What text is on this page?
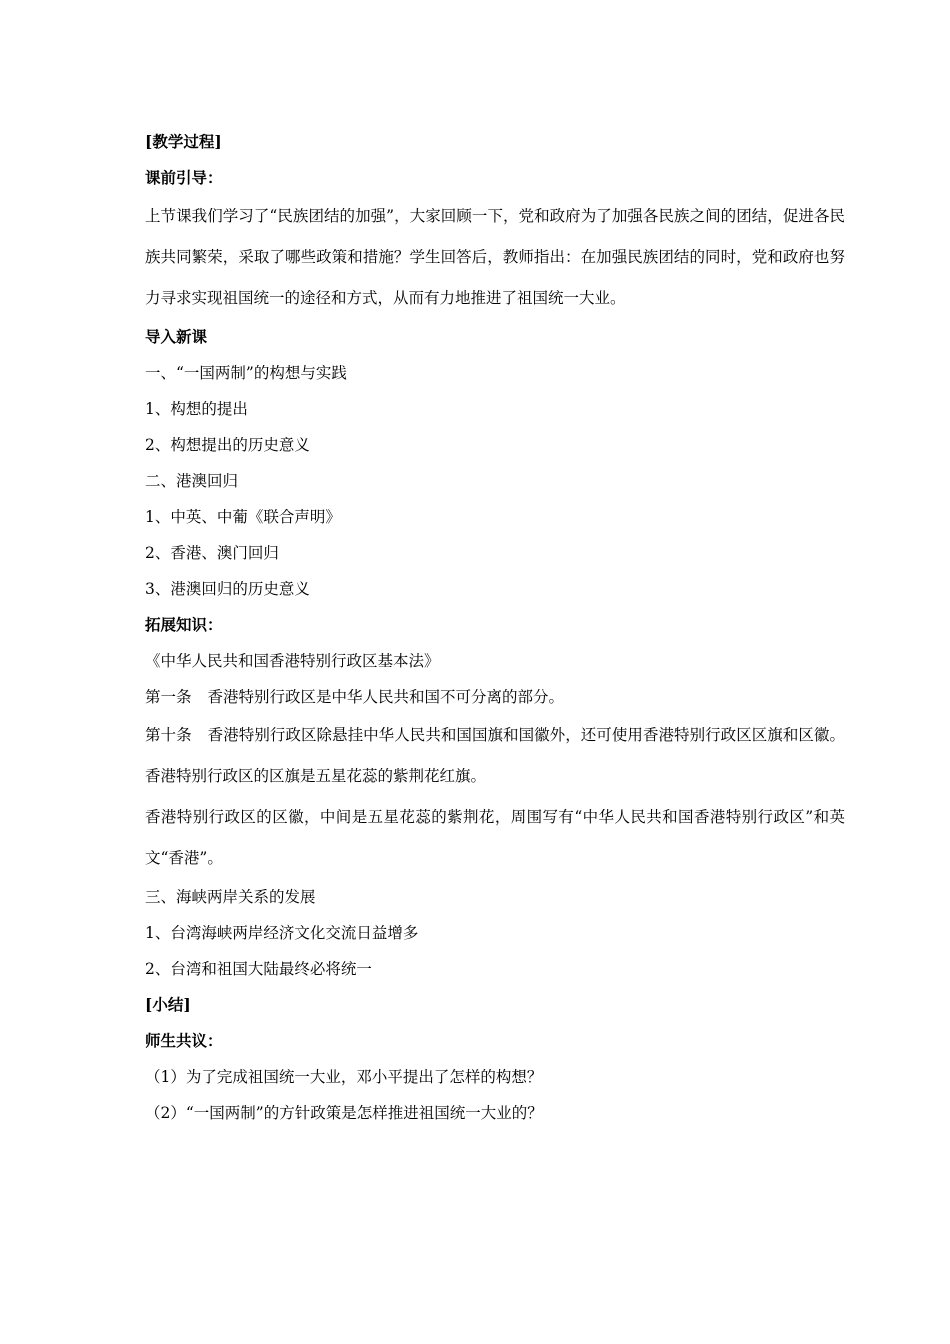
[教学过程]
课前引导：
上节课我们学习了“民族团结的加强”，大家回顾一下，党和政府为了加强各民族之间的团结，促进各民族共同繁荣，采取了哪些政策和措施？学生回答后，教师指出：在加强民族团结的同时，党和政府也努力寻求实现祖国统一的途径和方式，从而有力地推进了祖国统一大业。
导入新课
一、“一国两制”的构想与实践
1、构想的提出
2、构想提出的历史意义
二、港澳回归
1、中英、中葡《联合声明》
2、香港、澳门回归
3、港澳回归的历史意义
拓展知识：
《中华人民共和国香港特别行政区基本法》
第一条 香港特别行政区是中华人民共和国不可分离的部分。
第十条 香港特别行政区除悬挂中华人民共和国国旗和国徽外，还可使用香港特别行政区区旗和区徽。香港特别行政区的区旗是五星花蕊的紫荆花红旗。
香港特别行政区的区徽，中间是五星花蕊的紫荆花，周围写有“中华人民共和国香港特别行政区”和英文“香港”。
三、海峡两岸关系的发展
1、台湾海峡两岸经济文化交流日益增多
2、台湾和祖国大陆最终必将统一
[小结]
师生共议：
（1）为了完成祖国统一大业，邓小平提出了怎样的构想？
（2）“一国两制”的方针政策是怎样推进祖国统一大业的？
